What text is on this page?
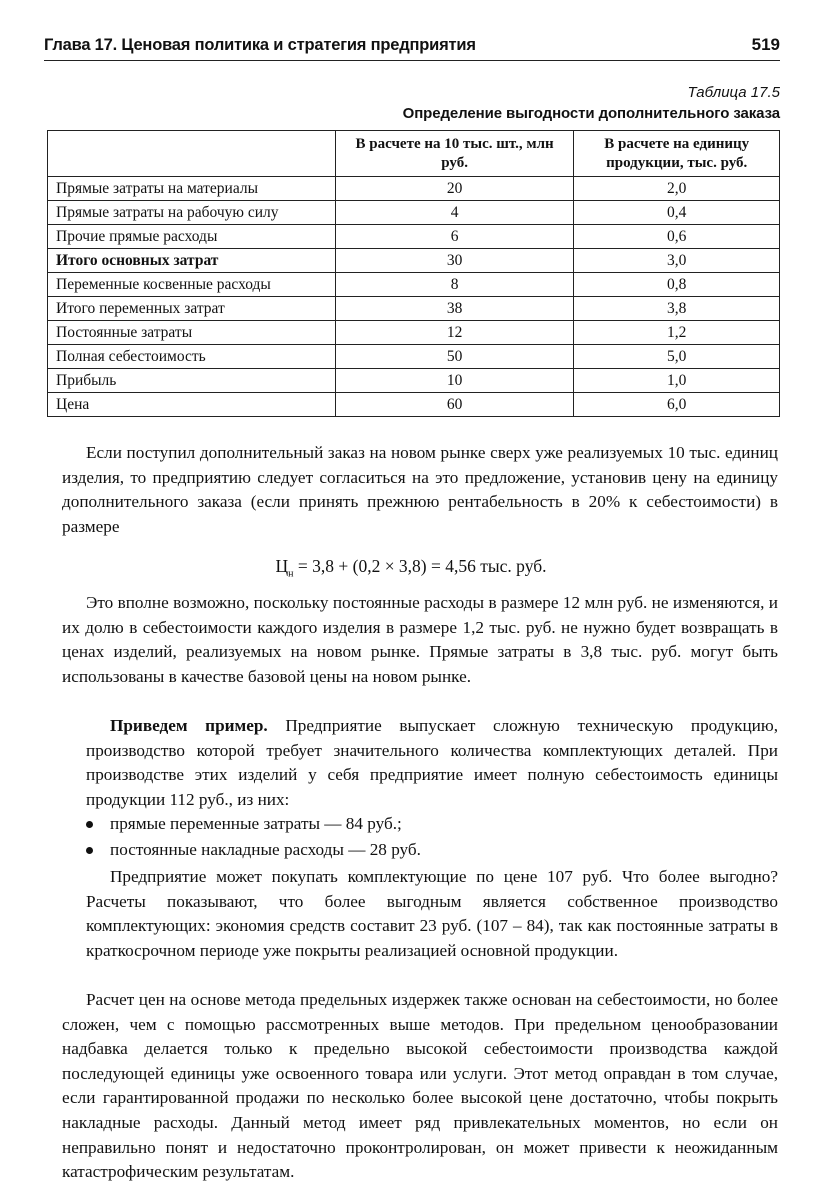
Глава 17. Ценовая политика и стратегия предприятия	519
Таблица 17.5
Определение выгодности дополнительного заказа
	В расчете на 10 тыс. шт., млн руб.	В расчете на единицу продукции, тыс. руб.
Прямые затраты на материалы	20	2,0
Прямые затраты на рабочую силу	4	0,4
Прочие прямые расходы	6	0,6
Итого основных затрат	30	3,0
Переменные косвенные расходы	8	0,8
Итого переменных затрат	38	3,8
Постоянные затраты	12	1,2
Полная себестоимость	50	5,0
Прибыль	10	1,0
Цена	60	6,0
Если поступил дополнительный заказ на новом рынке сверх уже реализуемых 10 тыс. единиц изделия, то предприятию следует согласиться на это предложение, установив цену на единицу дополнительного заказа (если принять прежнюю рентабельность в 20% к себестоимости) в размере
$Ц_н = 3,8 + (0,2 \times 3,8) = 4,56$ тыс. руб.
Это вполне возможно, поскольку постоянные расходы в размере 12 млн руб. не изменяются, и их долю в себестоимости каждого изделия в размере 1,2 тыс. руб. не нужно будет возвращать в ценах изделий, реализуемых на новом рынке. Прямые затраты в 3,8 тыс. руб. могут быть использованы в качестве базовой цены на новом рынке.
Приведем пример. Предприятие выпускает сложную техническую продукцию, производство которой требует значительного количества комплектующих деталей. При производстве этих изделий у себя предприятие имеет полную себестоимость единицы продукции 112 руб., из них:
прямые переменные затраты — 84 руб.;
постоянные накладные расходы — 28 руб.
Предприятие может покупать комплектующие по цене 107 руб. Что более выгодно? Расчеты показывают, что более выгодным является собственное производство комплектующих: экономия средств составит 23 руб. (107 – 84), так как постоянные затраты в краткосрочном периоде уже покрыты реализацией основной продукции.
Расчет цен на основе метода предельных издержек также основан на себестоимости, но более сложен, чем с помощью рассмотренных выше методов. При предельном ценообразовании надбавка делается только к предельно высокой себестоимости производства каждой последующей единицы уже освоенного товара или услуги. Этот метод оправдан в том случае, если гарантированной продажи по несколько более высокой цене достаточно, чтобы покрыть накладные расходы. Данный метод имеет ряд привлекательных моментов, но если он неправильно понят и недостаточно проконтролирован, он может привести к неожиданным катастрофическим результатам.
